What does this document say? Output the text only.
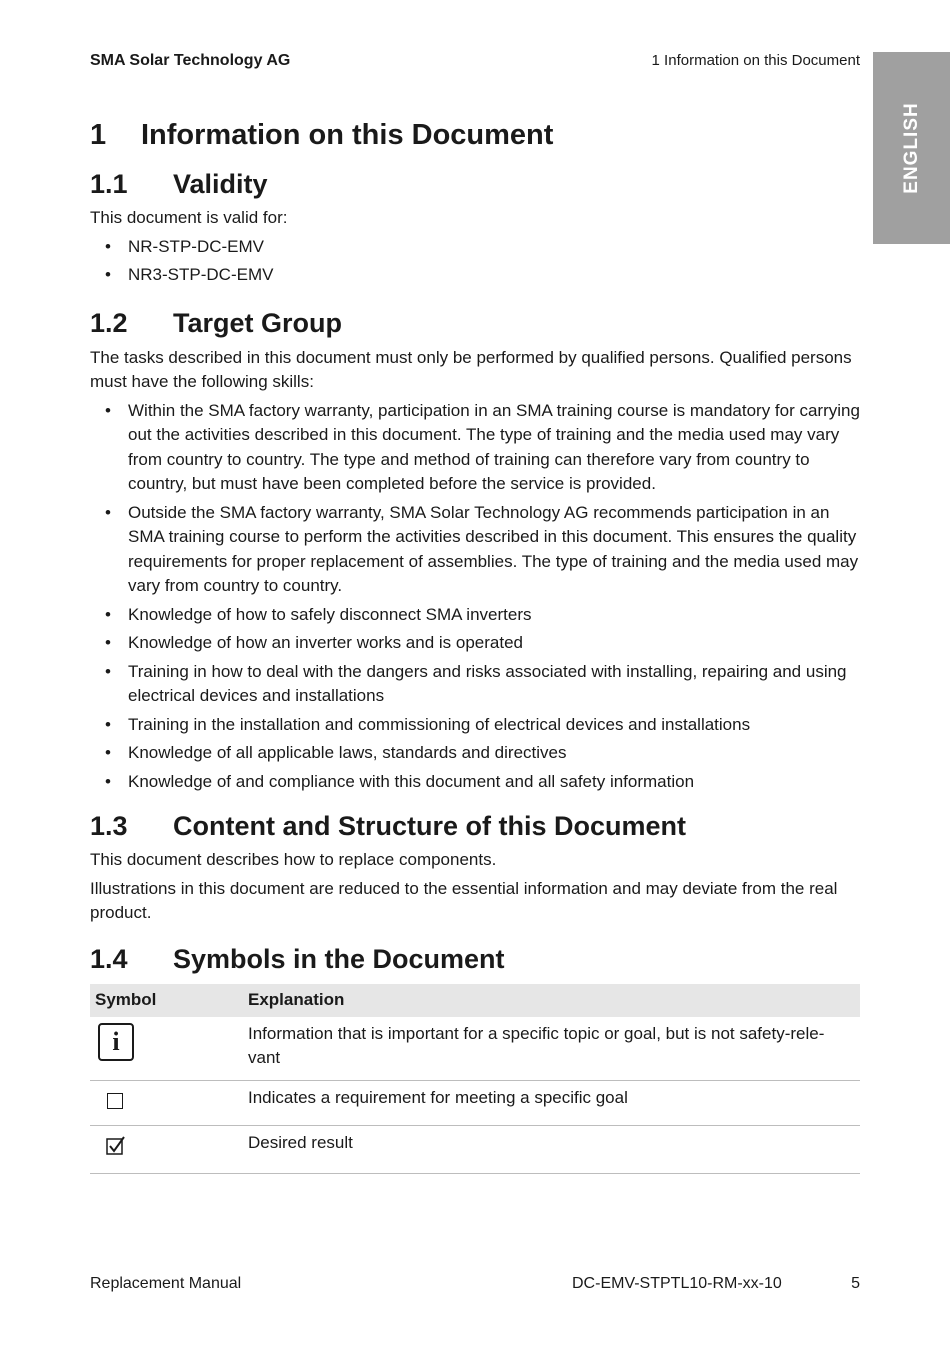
SMA Solar Technology AG	1 Information on this Document
ENGLISH
1	Information on this Document
1.1	Validity

This document is valid for:

• NR-STP-DC-EMV
• NR3-STP-DC-EMV
1.2	Target Group

The tasks described in this document must only be performed by qualified persons. Qualified persons must have the following skills:

• Within the SMA factory warranty, participation in an SMA training course is mandatory for carrying out the activities described in this document. The type of training and the media used may vary from country to country. The type and method of training can therefore vary from country to country, but must have been completed before the service is provided.
• Outside the SMA factory warranty, SMA Solar Technology AG recommends participation in an SMA training course to perform the activities described in this document. This ensures the quality requirements for proper replacement of assemblies. The type of training and the media used may vary from country to country.
• Knowledge of how to safely disconnect SMA inverters
• Knowledge of how an inverter works and is operated
• Training in how to deal with the dangers and risks associated with installing, repairing and using electrical devices and installations
• Training in the installation and commissioning of electrical devices and installations
• Knowledge of all applicable laws, standards and directives
• Knowledge of and compliance with this document and all safety information
1.3	Content and Structure of this Document

This document describes how to replace components.

Illustrations in this document are reduced to the essential information and may deviate from the real product.

1.4	Symbols in the Document
Symbol	Explanation
i	Information that is important for a specific topic or goal, but is not safety-rele-vant
	Indicates a requirement for meeting a specific goal
	Desired result
Replacement Manual	DC-EMV-STPTL10-RM-xx-10	5
